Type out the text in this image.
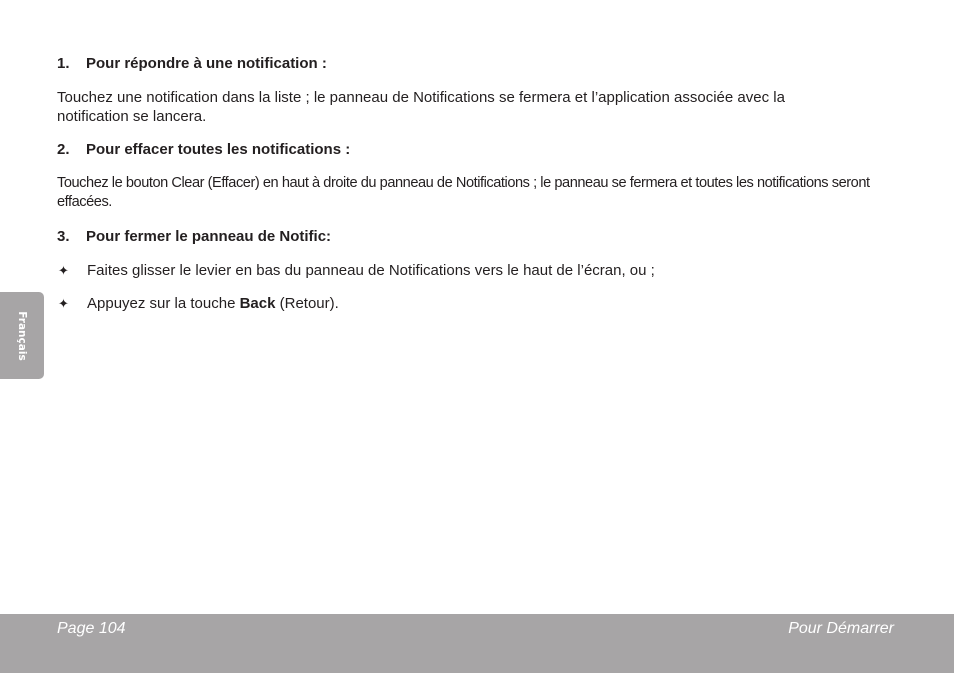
1.	Pour répondre à une notification :

Touchez une notification dans la liste ; le panneau de Notifications se fermera et l’application associée avec la notification se lancera.

2.	Pour effacer toutes les notifications :

Touchez le bouton Clear (Effacer) en haut à droite du panneau de Notifications ; le panneau se fermera et toutes les notifications seront effacées.

3.	Pour fermer le panneau de Notific:
✦	Faites glisser le levier en bas du panneau de Notifications vers le haut de l’écran, ou ;
✦	Appuyez sur la touche Back (Retour).
Français
Page 104	Pour Démarrer
